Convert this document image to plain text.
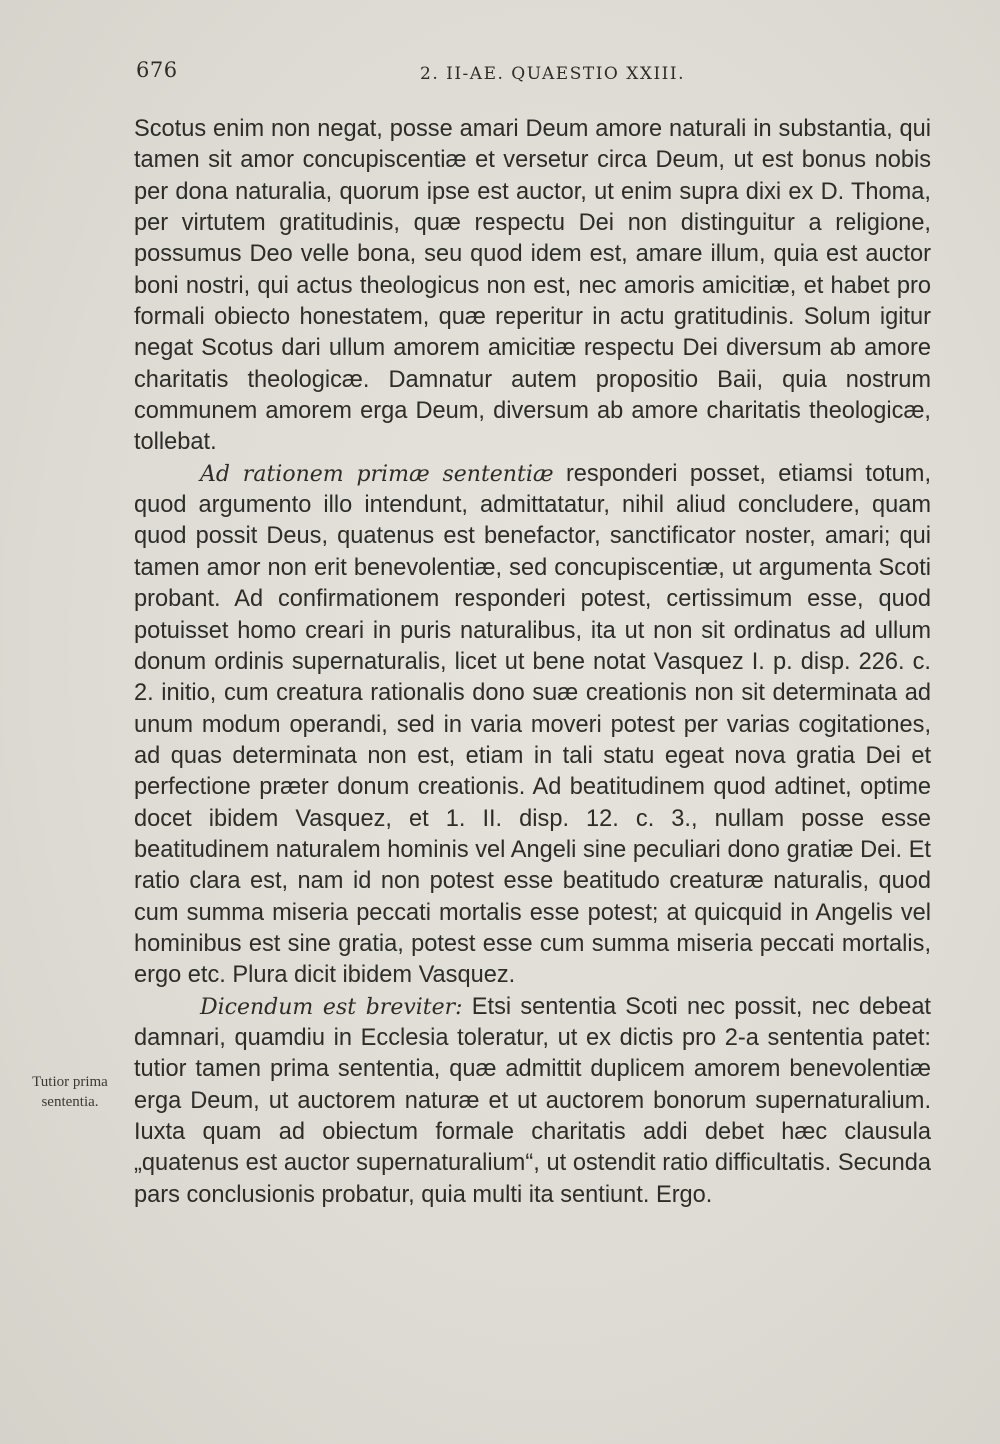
676	2. II-AE. QUAESTIO XXIII.
Tutior prima
sententia.

Scotus enim non negat, posse amari Deum amore naturali in substantia, qui tamen sit amor concupiscentiæ et versetur circa Deum, ut est bonus nobis per dona naturalia, quorum ipse est auctor, ut enim supra dixi ex D. Thoma, per virtutem gratitudinis, quæ respectu Dei non distinguitur a religione, possumus Deo velle bona, seu quod idem est, amare illum, quia est auctor boni nostri, qui actus theologicus non est, nec amoris amicitiæ, et habet pro formali obiecto honestatem, quæ reperitur in actu gratitudinis. Solum igitur negat Scotus dari ullum amorem amicitiæ respectu Dei diversum ab amore charitatis theologicæ. Damnatur autem propositio Baii, quia nostrum communem amorem erga Deum, diversum ab amore charitatis theologicæ, tollebat.

Ad rationem primæ sententiæ responderi posset, etiamsi totum, quod argumento illo intendunt, admittatatur, nihil aliud concludere, quam quod possit Deus, quatenus est benefactor, sanctificator noster, amari; qui tamen amor non erit benevolentiæ, sed concupiscentiæ, ut argumenta Scoti probant. Ad confirmationem responderi potest, certissimum esse, quod potuisset homo creari in puris naturalibus, ita ut non sit ordinatus ad ullum donum ordinis supernaturalis, licet ut bene notat Vasquez I. p. disp. 226. c. 2. initio, cum creatura rationalis dono suæ creationis non sit determinata ad unum modum operandi, sed in varia moveri potest per varias cogitationes, ad quas determinata non est, etiam in tali statu egeat nova gratia Dei et perfectione præter donum creationis. Ad beatitudinem quod adtinet, optime docet ibidem Vasquez, et 1. II. disp. 12. c. 3., nullam posse esse beatitudinem naturalem hominis vel Angeli sine peculiari dono gratiæ Dei. Et ratio clara est, nam id non potest esse beatitudo creaturæ naturalis, quod cum summa miseria peccati mortalis esse potest; at quicquid in Angelis vel hominibus est sine gratia, potest esse cum summa miseria peccati mortalis, ergo etc. Plura dicit ibidem Vasquez.

Dicendum est breviter: Etsi sententia Scoti nec possit, nec debeat damnari, quamdiu in Ecclesia toleratur, ut ex dictis pro 2-a sententia patet: tutior tamen prima sententia, quæ admittit duplicem amorem benevolentiæ erga Deum, ut auctorem naturæ et ut auctorem bonorum supernaturalium. Iuxta quam ad obiectum formale charitatis addi debet hæc clausula „quatenus est auctor supernaturalium“, ut ostendit ratio difficultatis. Secunda pars conclusionis probatur, quia multi ita sentiunt. Ergo.
